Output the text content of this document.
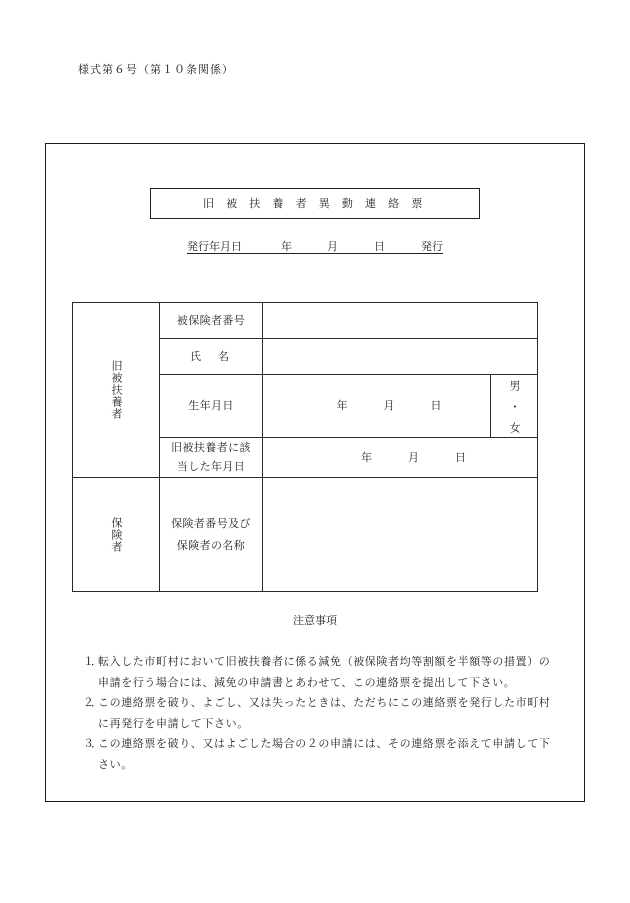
様式第６号（第１０条関係）
旧 被 扶 養 者 異 動 連 絡 票
発行年月日	年	月	日	発行
旧被扶養者	被保険者番号		
	氏　名		
	生年月日	年 月 日	男・女

	旧被扶養者に該
当した年月日	年 月 日	

保険者	保険者番号及び
保険者の名称		

注意事項
１． 転入した市町村において旧被扶養者に係る減免（被保険者均等割額を半額等の措置）の
申請を行う場合には、減免の申請書とあわせて、この連絡票を提出して下さい。
２． この連絡票を破り、よごし、又は失ったときは、ただちにこの連絡票を発行した市町村
に再発行を申請して下さい。
３． この連絡票を破り、又はよごした場合の２の申請には、その連絡票を添えて申請して下
さい。
